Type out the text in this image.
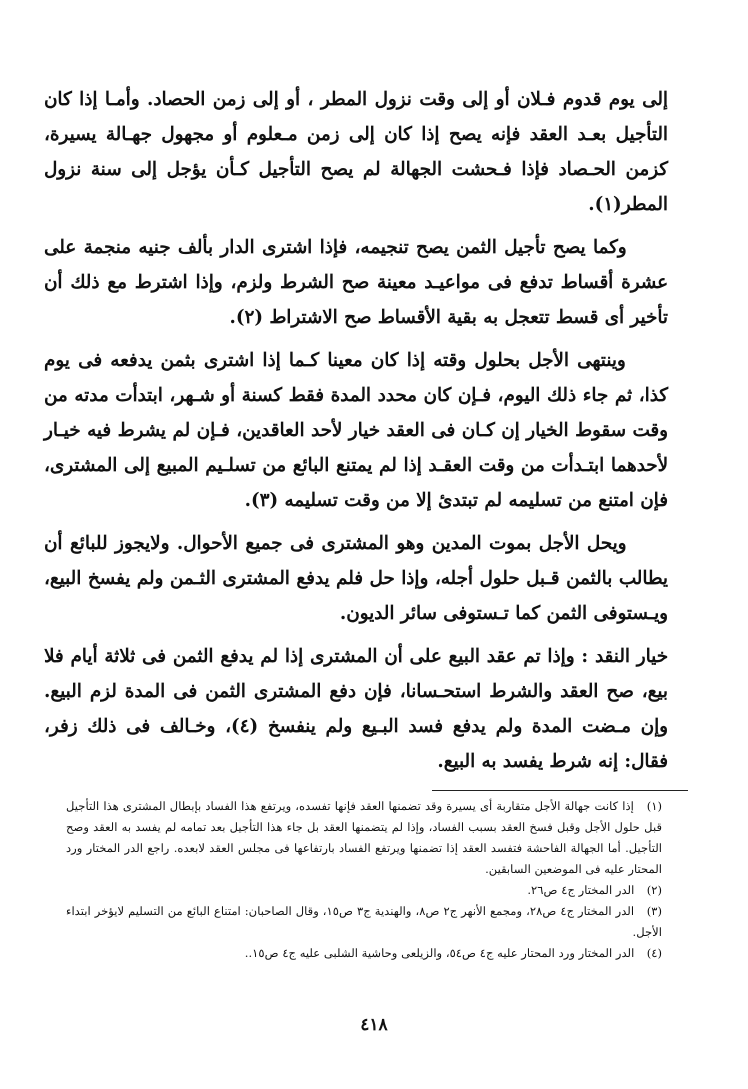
إلى يوم قدوم فـلان أو إلى وقت نزول المطر ، أو إلى زمن الحصاد. وأمـا إذا كان التأجيل بعـد العقد فإنه يصح إذا كان إلى زمن مـعلوم أو مجهول جهـالة يسيرة، كزمن الحـصاد فإذا فـحشت الجهالة لم يصح التأجيل كـأن يؤجل إلى سنة نزول المطر(١).

وكما يصح تأجيل الثمن يصح تنجيمه، فإذا اشترى الدار بألف جنيه منجمة على عشرة أقساط تدفع فى مواعيـد معينة صح الشرط ولزم، وإذا اشترط مع ذلك أن تأخير أى قسط تتعجل به بقية الأقساط صح الاشتراط (٢).

وينتهى الأجل بحلول وقته إذا كان معينا كـما إذا اشترى بثمن يدفعه فى يوم كذا، ثم جاء ذلك اليوم، فـإن كان محدد المدة فقط كسنة أو شـهر، ابتدأت مدته من وقت سقوط الخيار إن كـان فى العقد خيار لأحد العاقدين، فـإن لم يشرط فيه خيـار لأحدهما ابتـدأت من وقت العقـد إذا لم يمتنع البائع من تسلـيم المبيع إلى المشترى، فإن امتنع من تسليمه لم تبتدئ إلا من وقت تسليمه (٣).

ويحل الأجل بموت المدين وهو المشترى فى جميع الأحوال. ولايجوز للبائع أن يطالب بالثمن قـبل حلول أجله، وإذا حل فلم يدفع المشترى الثـمن ولم يفسخ البيع، ويـستوفى الثمن كما تـستوفى سائر الديون.

خيار النقد : وإذا تم عقد البيع على أن المشترى إذا لم يدفع الثمن فى ثلاثة أيام فلا بيع، صح العقد والشرط استحـسانا، فإن دفع المشترى الثمن فى المدة لزم البيع. وإن مـضت المدة ولم يدفع فسد البـيع ولم ينفسخ (٤)، وخـالف فى ذلك زفر، فقال: إنه شرط يفسد به البيع.

(١) إذا كانت جهالة الأجل متقاربة أى يسيرة وقد تضمنها العقد فإنها تفسده، ويرتفع هذا الفساد بإبطال المشترى هذا التأجيل قبل حلول الأجل وقبل فسخ العقد بسبب الفساد، وإذا لم يتضمنها العقد بل جاء هذا التأجيل بعد تمامه لم يفسد به العقد وصح التأجيل. أما الجهالة الفاحشة فتفسد العقد إذا تضمنها ويرتفع الفساد بارتفاعها فى مجلس العقد لابعده. راجع الدر المختار ورد المحتار عليه فى الموضعين السابقين.

(٢) الدر المختار ج٤ ص٢٦.

(٣) الدر المختار ج٤ ص٢٨، ومجمع الأنهر ج٢ ص٨، والهندية ج٣ ص١٥، وقال الصاحبان: امتناع البائع من التسليم لايؤخر ابتداء الأجل.

(٤) الدر المختار ورد المحتار عليه ج٤ ص٥٤، والزيلعى وحاشية الشلبى عليه ج٤ ص١٥..

٤١٨
